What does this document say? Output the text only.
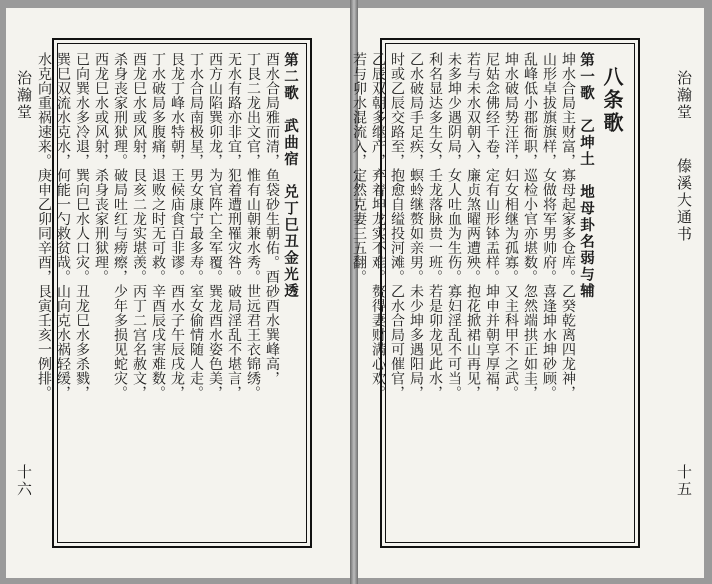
治瀚堂
十六
第二歌　武曲宿　兑丁巳丑金光透
酉水合局雅而清，鱼袋砂生朝佑。酉砂酉水巽峰高，
丁艮二龙出文官，惟有山朝兼水秀。世远君王衣锦绣。
无水有路亦非宜，犯着遭刑罹灾咎。破局淫乱不堪言，
西方山陷巽卯龙，为官阵亡全军覆。巽龙酉水姿色美，
丁水合局南极星，男女康宁最多寿。室女偷情随人走。
艮龙丁峰水特朝，王候庙食百非谬。酉水子午辰戌龙，
丁水破局多腹痛，退败之时无可救。辛酉辰戌害难数。
酉龙巳水或风射，艮亥二龙实堪羡。丙丁二宫名赦文，
杀身丧家刑狱理。破局吐红与痨瘵，少年多损见蛇灾。
西龙巳水或风射，杀身丧家刑狱理。
已向巽水多冷退，巽向巳水人口灾。丑龙巳水多杀戮，
巽巳双流水克水，何能一勺救贫哉。山向克水祸轻缓，
水克向重祸速来。庚申乙卯同辛酉，艮寅壬亥一例排。	治瀚堂
傣溪大通书
十五
八条歌
第一歌　乙坤土　地母卦名弱与辅
坤水合局主财富，寡母起家多仓库。乙癸乾离四龙神，
山形卓拔旗旗样，女做将军男帅府。喜逢坤水坤砂顾。
乱峰低小郡衙职，巡检小官亦堪数。忽然端拱正如圭，
坤水破局势汪洋，妇女相继为孤寡。又主科甲不之武。
尼姑念佛经千卷，定有山形钵盂样。坤申并朝享厚福，
若与未水双朝入，廉贞煞曜两遭殃。抱花掀裙山再见，
未多坤少遇阴局，女人吐血为生伤。寡妇淫乱不可当。
利名显达多生女，壬龙落脉贵一班。若是卯龙见此水，
乙水破局手足疾，螟蛉继赘如亲男。未少坤多遇阳局，
时或乙辰交路至，抱愈自缢投河滩。乙水合局可催官，
乙辰双朝多继产，弃着坤龙实不难。赘得妻财满心欢。
若与卯水混流入，定然克妻三五翻。
